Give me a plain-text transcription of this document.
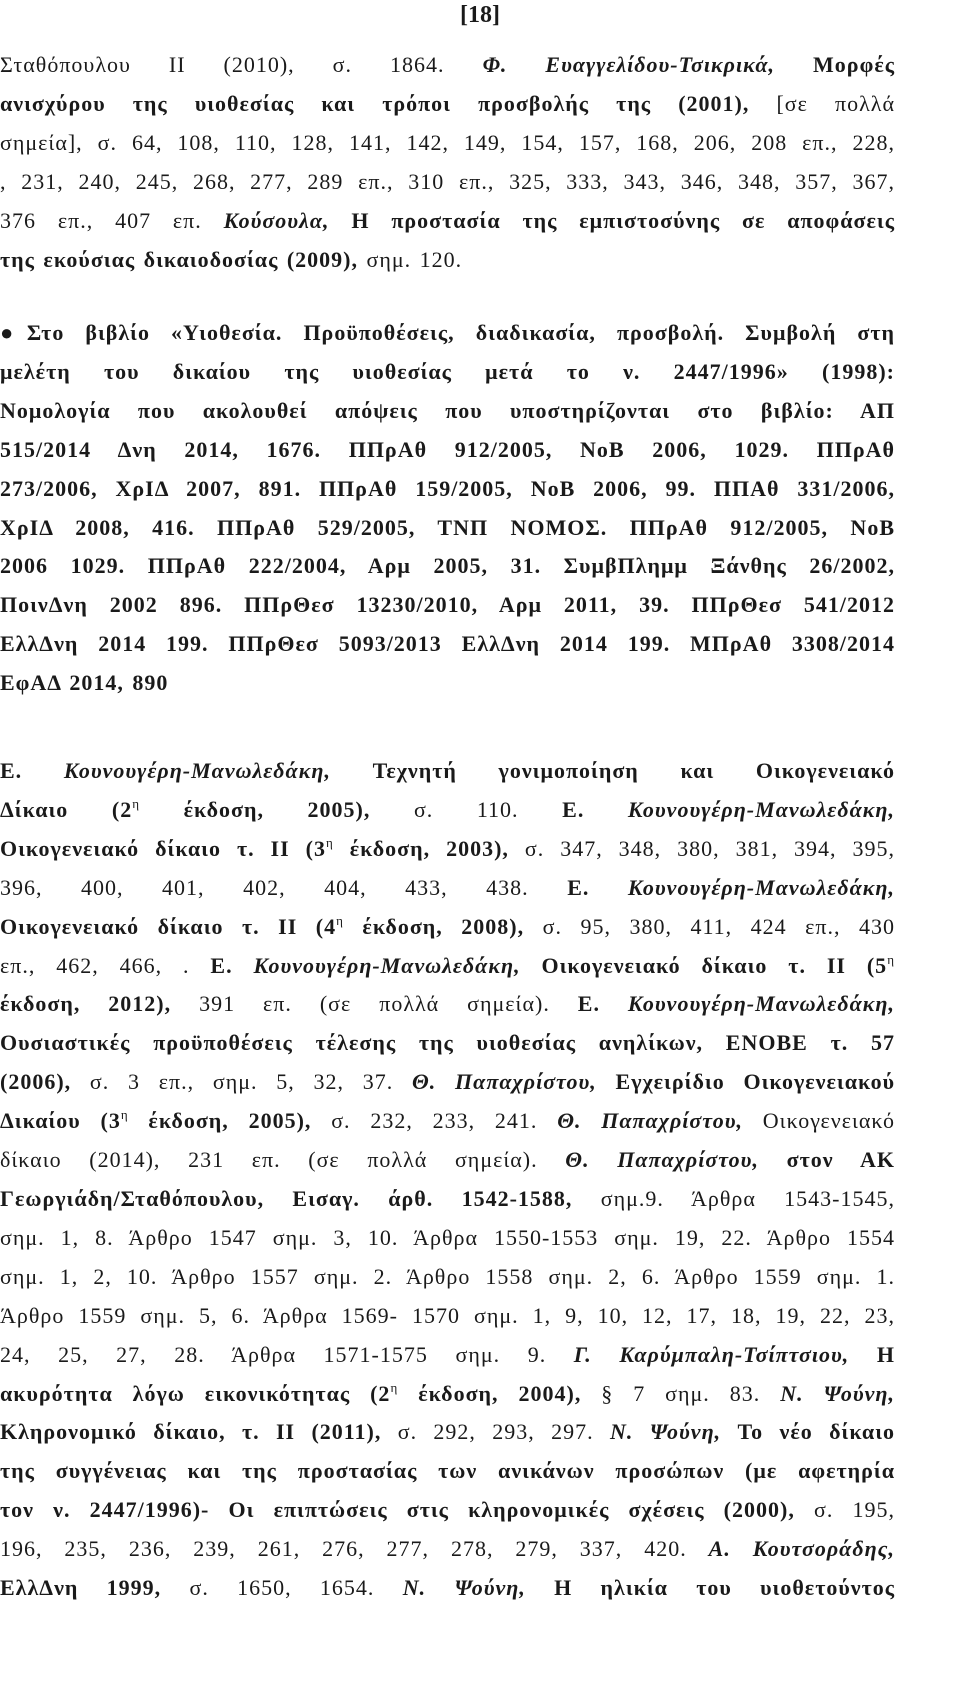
[18]
Σταθόπουλου ΙΙ (2010), σ. 1864. Φ. Ευαγγελίδου-Τσικρικά, Μορφές
ανισχύρου της υιοθεσίας και τρόποι προσβολής της (2001), [σε πολλά
σημεία], σ. 64, 108, 110, 128, 141, 142, 149, 154, 157, 168, 206, 208 επ., 228,
, 231, 240, 245, 268, 277, 289 επ., 310 επ., 325, 333, 343, 346, 348, 357, 367,
376 επ., 407 επ. Κούσουλα, Η προστασία της εμπιστοσύνης σε αποφάσεις
της εκούσιας δικαιοδοσίας (2009), σημ. 120.
●Στο βιβλίο «Υιοθεσία. Προϋποθέσεις, διαδικασία, προσβολή. Συμβολή στη
μελέτη του δικαίου της υιοθεσίας μετά το ν. 2447/1996» (1998):
Νομολογία που ακολουθεί απόψεις που υποστηρίζονται στο βιβλίο: ΑΠ
515/2014 Δνη 2014, 1676. ΠΠρΑθ 912/2005, ΝοΒ 2006, 1029. ΠΠρΑθ
273/2006, ΧρΙΔ 2007, 891. ΠΠρΑθ 159/2005, ΝοΒ 2006, 99. ΠΠΑθ 331/2006,
ΧρΙΔ 2008, 416. ΠΠρΑθ 529/2005, ΤΝΠ ΝΟΜΟΣ. ΠΠρΑθ 912/2005, ΝοΒ
2006 1029. ΠΠρΑθ 222/2004, Αρμ 2005, 31. ΣυμβΠλημμ Ξάνθης 26/2002,
ΠοινΔνη 2002 896. ΠΠρΘεσ 13230/2010, Αρμ 2011, 39. ΠΠρΘεσ 541/2012
ΕλλΔνη 2014 199. ΠΠρΘεσ 5093/2013 ΕλλΔνη 2014 199. ΜΠρΑθ 3308/2014
ΕφΑΔ 2014, 890
Ε. Κουνουγέρη-Μανωλεδάκη, Τεχνητή γονιμοποίηση και Οικογενειακό
Δίκαιο ($2^\eta$ έκδοση, 2005), σ. 110. Ε. Κουνουγέρη-Μανωλεδάκη,
Οικογενειακό δίκαιο τ. ΙΙ ($3^\eta$ έκδοση, 2003), σ. 347, 348, 380, 381, 394, 395,
396, 400, 401, 402, 404, 433, 438. Ε. Κουνουγέρη-Μανωλεδάκη,
Οικογενειακό δίκαιο τ. ΙΙ ($4^\eta$ έκδοση, 2008), σ. 95, 380, 411, 424 επ., 430
επ., 462, 466, . Ε. Κουνουγέρη-Μανωλεδάκη, Οικογενειακό δίκαιο τ. ΙΙ ($5^\eta$
έκδοση, 2012), 391 επ. (σε πολλά σημεία). Ε. Κουνουγέρη-Μανωλεδάκη,
Ουσιαστικές προϋποθέσεις τέλεσης της υιοθεσίας ανηλίκων, ΕΝΟΒΕ τ. 57
(2006), σ. 3 επ., σημ. 5, 32, 37. Θ. Παπαχρίστου, Εγχειρίδιο Οικογενειακού
Δικαίου ($3^\eta$ έκδοση, 2005), σ. 232, 233, 241. Θ. Παπαχρίστου, Οικογενειακό
δίκαιο (2014), 231 επ. (σε πολλά σημεία). Θ. Παπαχρίστου, στον ΑΚ
Γεωργιάδη/Σταθόπουλου, Εισαγ. άρθ. 1542-1588, σημ.9. Άρθρα 1543-1545,
σημ. 1, 8. Άρθρο 1547 σημ. 3, 10. Άρθρα 1550-1553 σημ. 19, 22. Άρθρο 1554
σημ. 1, 2, 10. Άρθρο 1557 σημ. 2. Άρθρο 1558 σημ. 2, 6. Άρθρο 1559 σημ. 1.
Άρθρο 1559 σημ. 5, 6. Άρθρα 1569- 1570 σημ. 1, 9, 10, 12, 17, 18, 19, 22, 23,
24, 25, 27, 28. Άρθρα 1571-1575 σημ. 9. Γ. Καρύμπαλη-Τσίπτσιου, Η
ακυρότητα λόγω εικονικότητας ($2^\eta$ έκδοση, 2004), § 7 σημ. 83. Ν. Ψούνη,
Κληρονομικό δίκαιο, τ. ΙΙ (2011), σ. 292, 293, 297. Ν. Ψούνη, Το νέο δίκαιο
της συγγένειας και της προστασίας των ανικάνων προσώπων (με αφετηρία
τον ν. 2447/1996)- Οι επιπτώσεις στις κληρονομικές σχέσεις (2000), σ. 195,
196, 235, 236, 239, 261, 276, 277, 278, 279, 337, 420. Α. Κουτσοράδης,
ΕλλΔνη 1999, σ. 1650, 1654. Ν. Ψούνη, Η ηλικία του υιοθετούντος
